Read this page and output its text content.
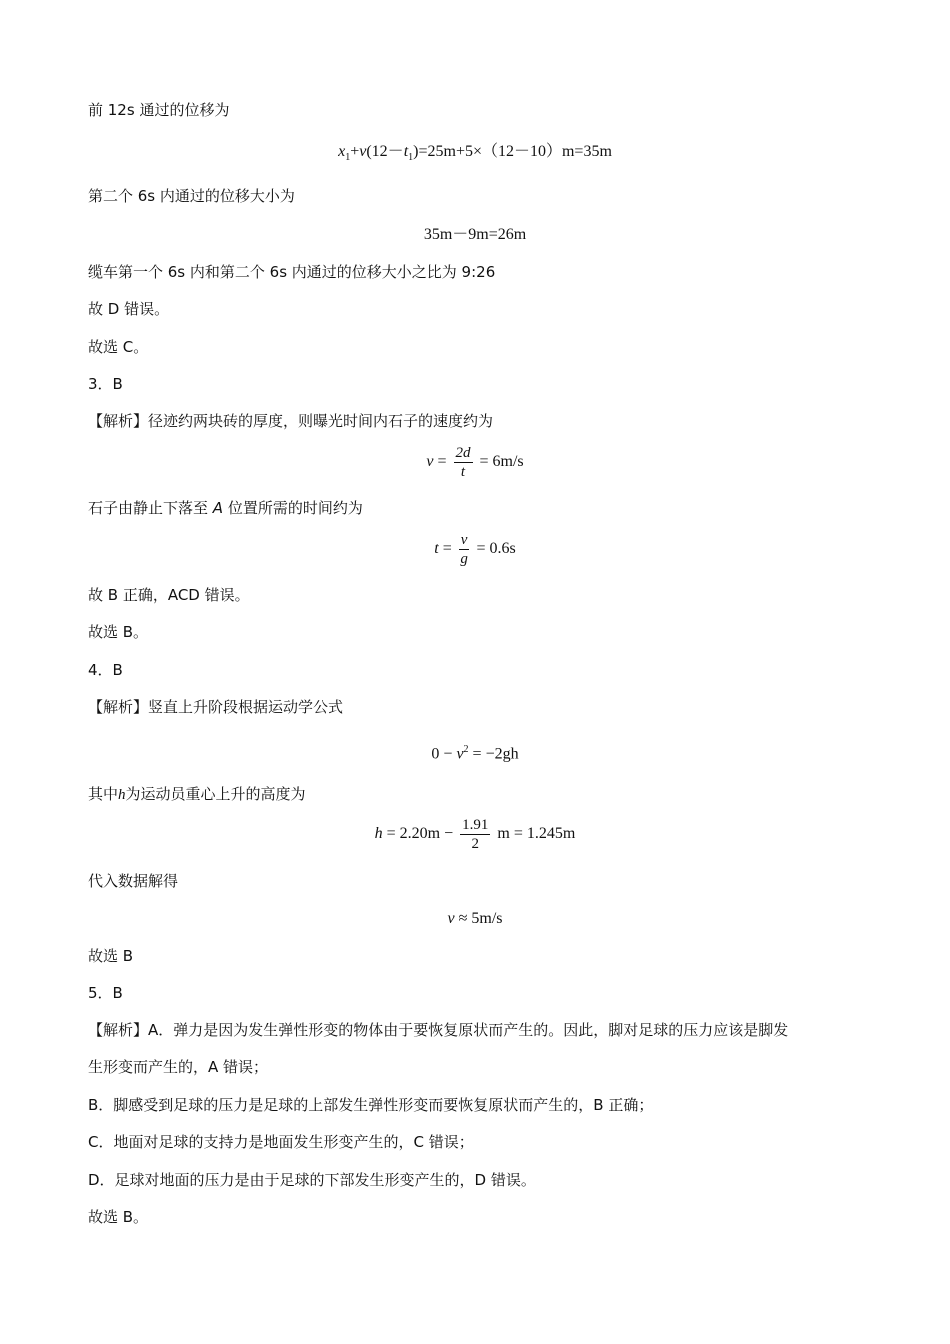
前 12s 通过的位移为
$x_1+v(12-t_1)=25m+5\times(12-10)m=35m$
第二个 6s 内通过的位移大小为
35m－9m=26m
缆车第一个 6s 内和第二个 6s 内通过的位移大小之比为 9:26
故 D 错误。
故选 C。
3．B
【解析】径迹约两块砖的厚度，则曝光时间内石子的速度约为
$v = \frac{2d}{t} = 6m/s$
石子由静止下落至 A 位置所需的时间约为
$t = \frac{v}{g} = 0.6s$
故 B 正确，ACD 错误。
故选 B。
4．B
【解析】竖直上升阶段根据运动学公式
$0 - v^2 = -2gh$
其中h为运动员重心上升的高度为
$h = 2.20m - \frac{1.91}{2}$ m = 1.245m
代入数据解得
v ≈ 5m/s
故选 B
5．B
【解析】A．弹力是因为发生弹性形变的物体由于要恢复原状而产生的。因此，脚对足球的压力应该是脚发
生形变而产生的，A 错误；
B．脚感受到足球的压力是足球的上部发生弹性形变而要恢复原状而产生的，B 正确；
C．地面对足球的支持力是地面发生形变产生的，C 错误；
D．足球对地面的压力是由于足球的下部发生形变产生的，D 错误。
故选 B。
